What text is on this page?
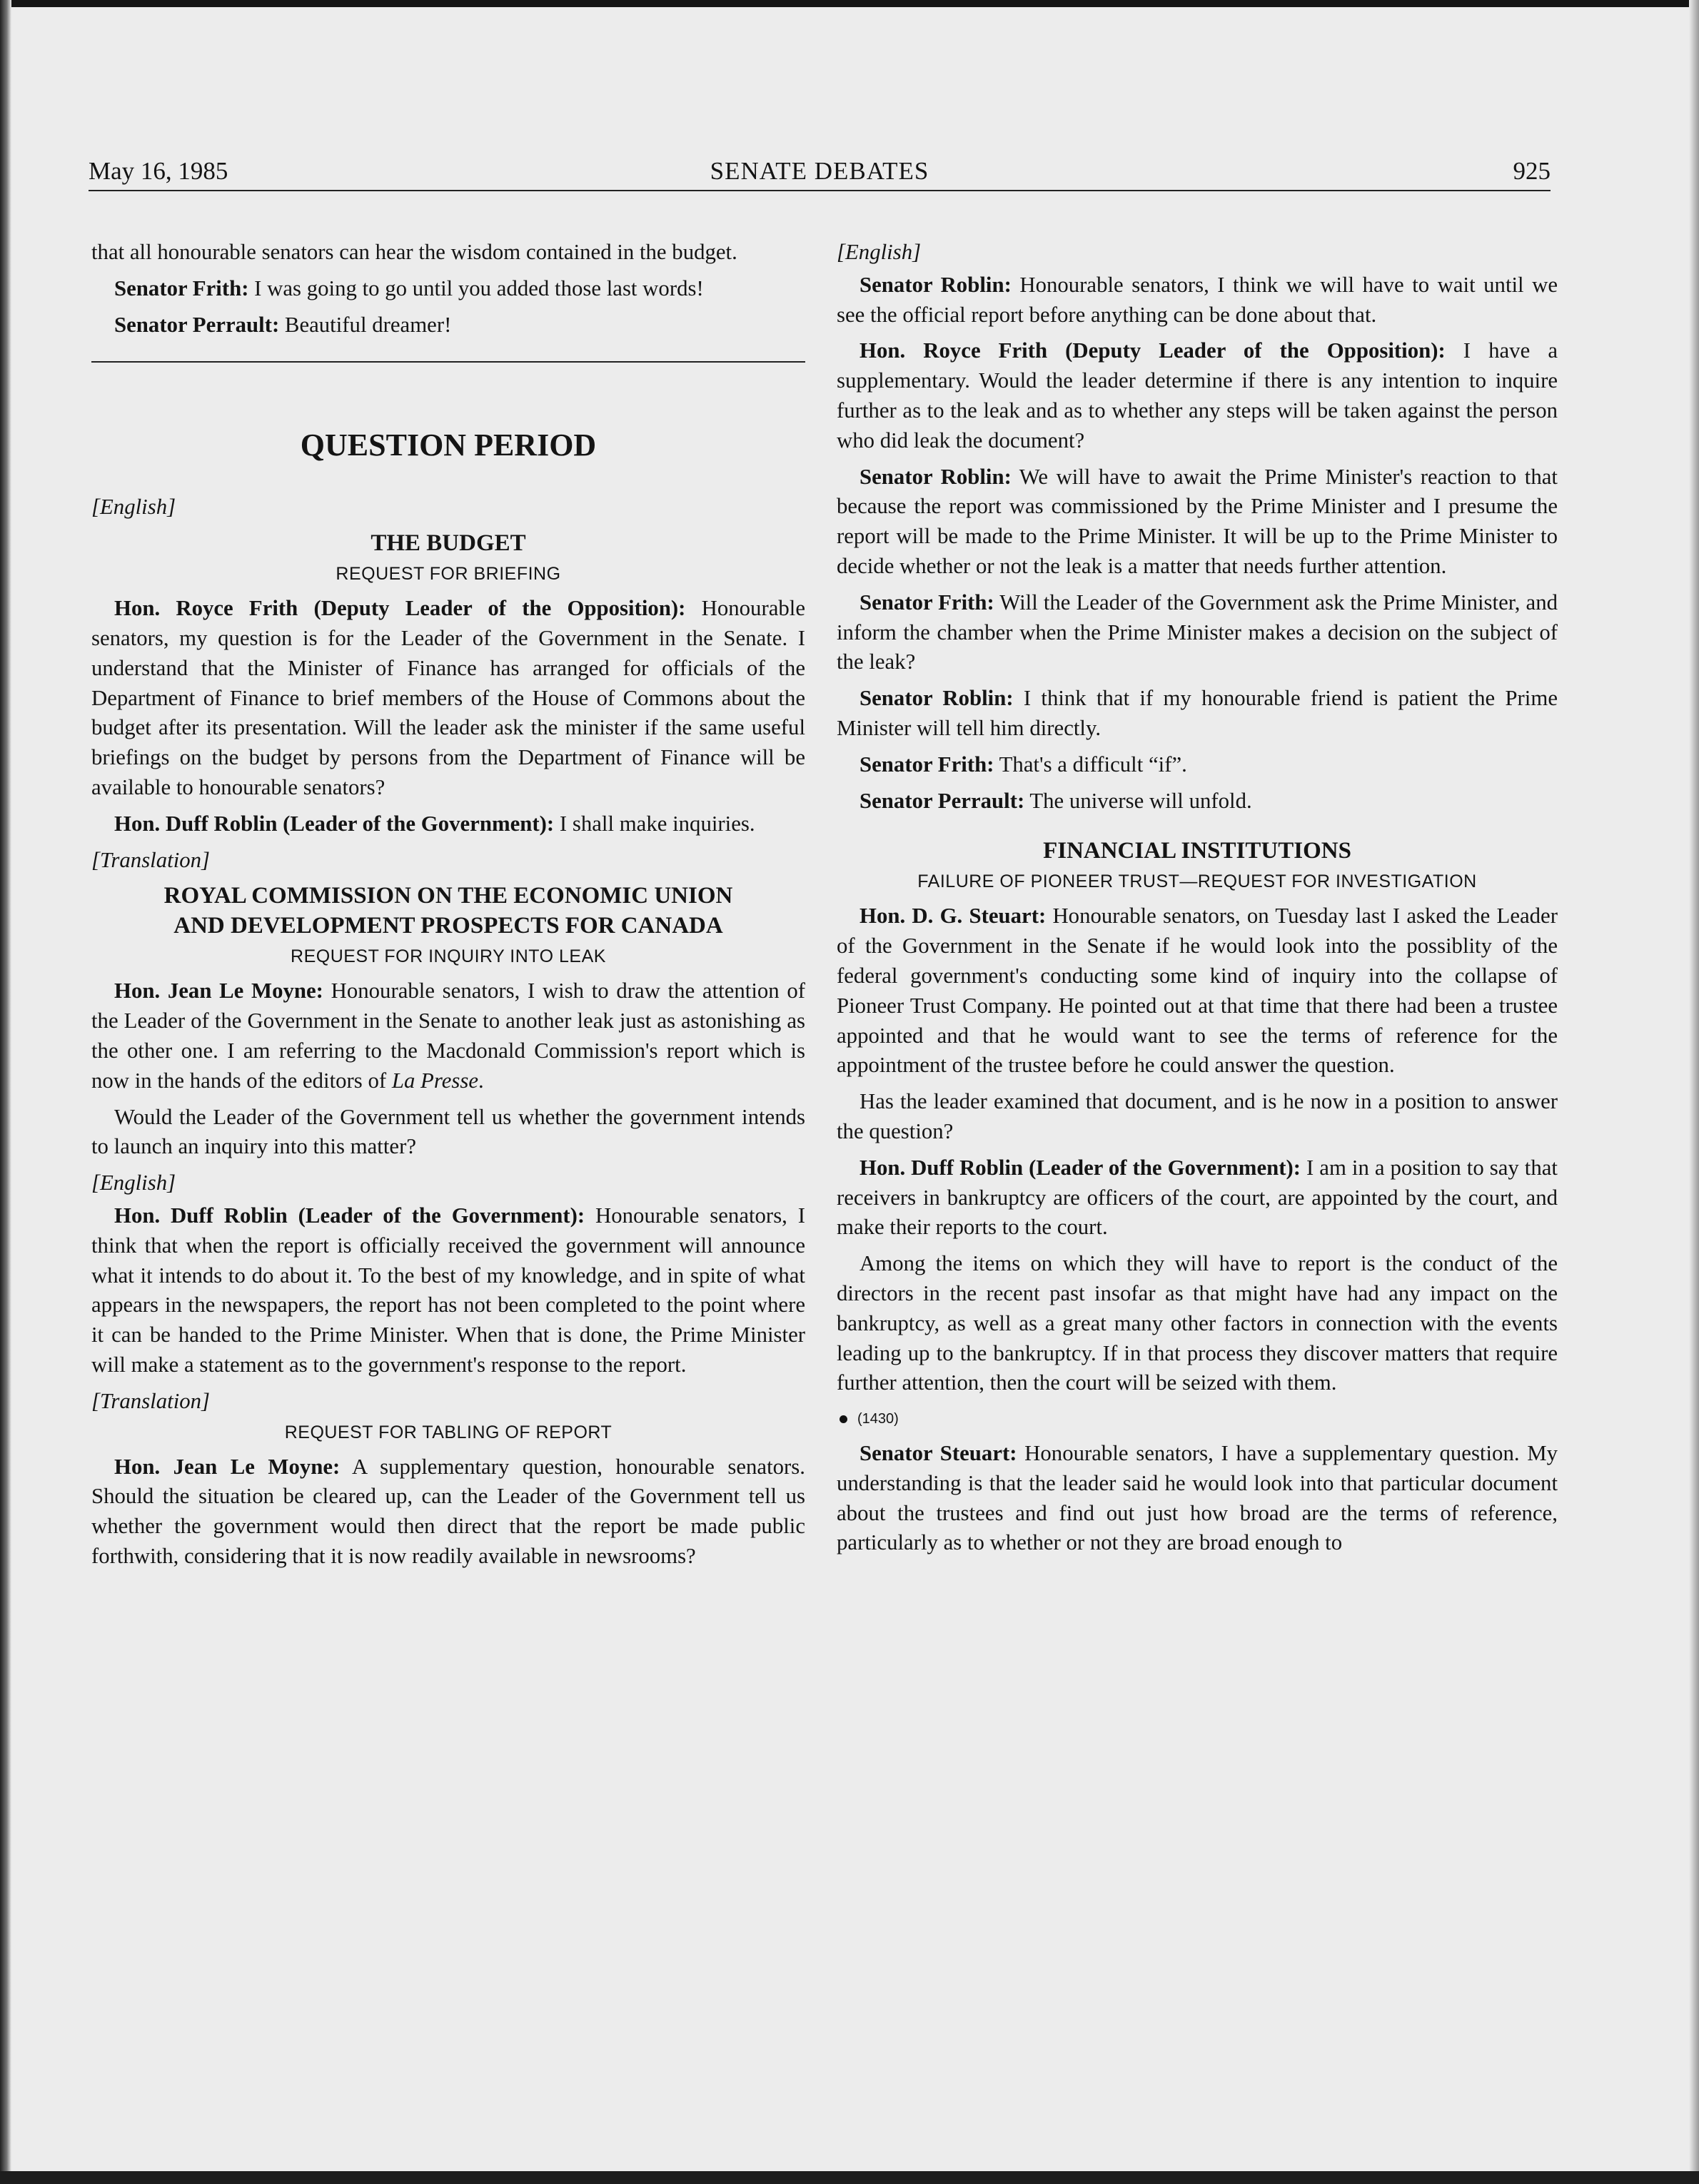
May 16, 1985	SENATE DEBATES	925

that all honourable senators can hear the wisdom contained in the budget.

Senator Frith: I was going to go until you added those last words!

Senator Perrault: Beautiful dreamer!

QUESTION PERIOD
[English]
THE BUDGET
REQUEST FOR BRIEFING

Hon. Royce Frith (Deputy Leader of the Opposition): Honourable senators, my question is for the Leader of the Government in the Senate. I understand that the Minister of Finance has arranged for officials of the Department of Finance to brief members of the House of Commons about the budget after its presentation. Will the leader ask the minister if the same useful briefings on the budget by persons from the Department of Finance will be available to honourable senators?

Hon. Duff Roblin (Leader of the Government): I shall make inquiries.

[Translation]
ROYAL COMMISSION ON THE ECONOMIC UNION
AND DEVELOPMENT PROSPECTS FOR CANADA
REQUEST FOR INQUIRY INTO LEAK

Hon. Jean Le Moyne: Honourable senators, I wish to draw the attention of the Leader of the Government in the Senate to another leak just as astonishing as the other one. I am referring to the Macdonald Commission's report which is now in the hands of the editors of La Presse.

Would the Leader of the Government tell us whether the government intends to launch an inquiry into this matter?

[English]

Hon. Duff Roblin (Leader of the Government): Honourable senators, I think that when the report is officially received the government will announce what it intends to do about it. To the best of my knowledge, and in spite of what appears in the newspapers, the report has not been completed to the point where it can be handed to the Prime Minister. When that is done, the Prime Minister will make a statement as to the government's response to the report.

[Translation]
REQUEST FOR TABLING OF REPORT

Hon. Jean Le Moyne: A supplementary question, honourable senators. Should the situation be cleared up, can the Leader of the Government tell us whether the government would then direct that the report be made public forthwith, considering that it is now readily available in newsrooms?

[English]

Senator Roblin: Honourable senators, I think we will have to wait until we see the official report before anything can be done about that.

Hon. Royce Frith (Deputy Leader of the Opposition): I have a supplementary. Would the leader determine if there is any intention to inquire further as to the leak and as to whether any steps will be taken against the person who did leak the document?

Senator Roblin: We will have to await the Prime Minister's reaction to that because the report was commissioned by the Prime Minister and I presume the report will be made to the Prime Minister. It will be up to the Prime Minister to decide whether or not the leak is a matter that needs further attention.

Senator Frith: Will the Leader of the Government ask the Prime Minister, and inform the chamber when the Prime Minister makes a decision on the subject of the leak?

Senator Roblin: I think that if my honourable friend is patient the Prime Minister will tell him directly.

Senator Frith: That's a difficult “if”.

Senator Perrault: The universe will unfold.

FINANCIAL INSTITUTIONS
FAILURE OF PIONEER TRUST—REQUEST FOR INVESTIGATION

Hon. D. G. Steuart: Honourable senators, on Tuesday last I asked the Leader of the Government in the Senate if he would look into the possiblity of the federal government's conducting some kind of inquiry into the collapse of Pioneer Trust Company. He pointed out at that time that there had been a trustee appointed and that he would want to see the terms of reference for the appointment of the trustee before he could answer the question.

Has the leader examined that document, and is he now in a position to answer the question?

Hon. Duff Roblin (Leader of the Government): I am in a position to say that receivers in bankruptcy are officers of the court, are appointed by the court, and make their reports to the court.

Among the items on which they will have to report is the conduct of the directors in the recent past insofar as that might have had any impact on the bankruptcy, as well as a great many other factors in connection with the events leading up to the bankruptcy. If in that process they discover matters that require further attention, then the court will be seized with them.

(1430)

Senator Steuart: Honourable senators, I have a supplementary question. My understanding is that the leader said he would look into that particular document about the trustees and find out just how broad are the terms of reference, particularly as to whether or not they are broad enough to
